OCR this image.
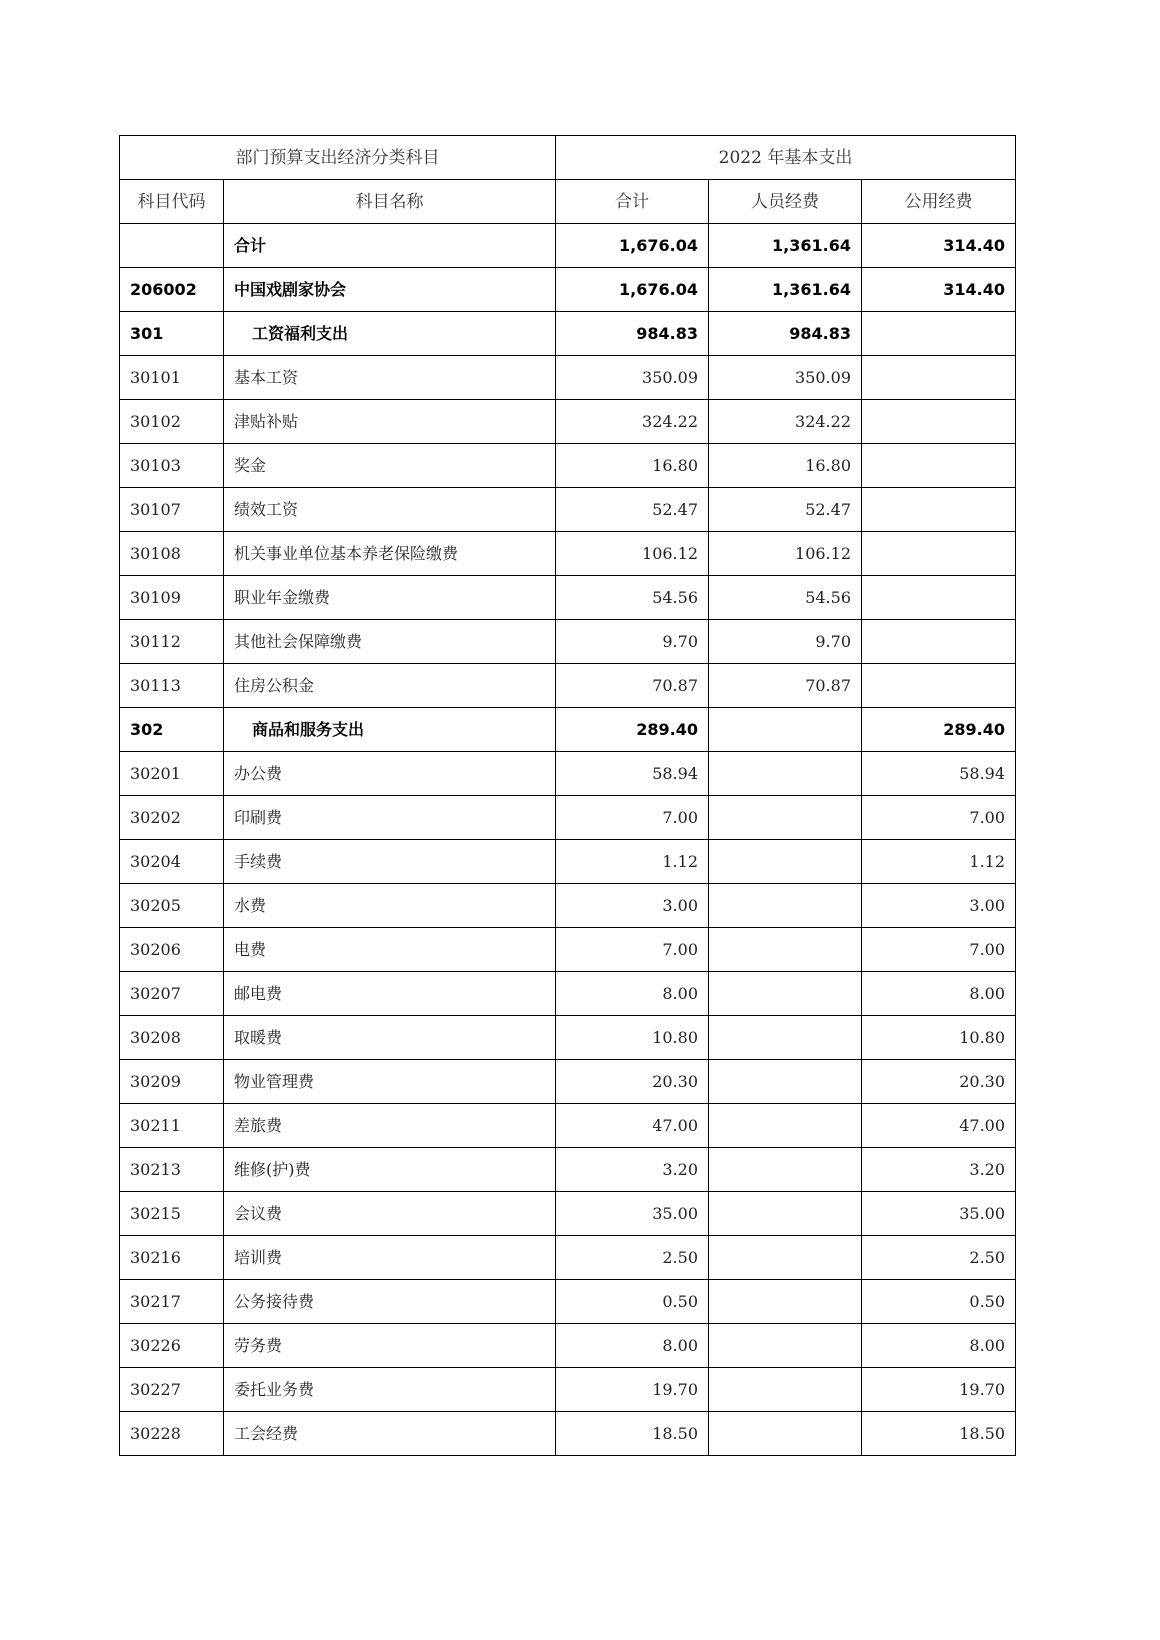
部门预算支出经济分类科目		2022 年基本支出		
科目代码	科目名称	合计	人员经费	公用经费
	合计	1,676.04	1,361.64	314.40
206002	中国戏剧家协会	1,676.04	1,361.64	314.40
301	工资福利支出	984.83	984.83	
30101	基本工资	350.09	350.09	
30102	津贴补贴	324.22	324.22	
30103	奖金	16.80	16.80	
30107	绩效工资	52.47	52.47	
30108	机关事业单位基本养老保险缴费	106.12	106.12	
30109	职业年金缴费	54.56	54.56	
30112	其他社会保障缴费	9.70	9.70	
30113	住房公积金	70.87	70.87	
302	商品和服务支出	289.40		289.40
30201	办公费	58.94		58.94
30202	印刷费	7.00		7.00
30204	手续费	1.12		1.12
30205	水费	3.00		3.00
30206	电费	7.00		7.00
30207	邮电费	8.00		8.00
30208	取暖费	10.80		10.80
30209	物业管理费	20.30		20.30
30211	差旅费	47.00		47.00
30213	维修(护)费	3.20		3.20
30215	会议费	35.00		35.00
30216	培训费	2.50		2.50
30217	公务接待费	0.50		0.50
30226	劳务费	8.00		8.00
30227	委托业务费	19.70		19.70
30228	工会经费	18.50		18.50
